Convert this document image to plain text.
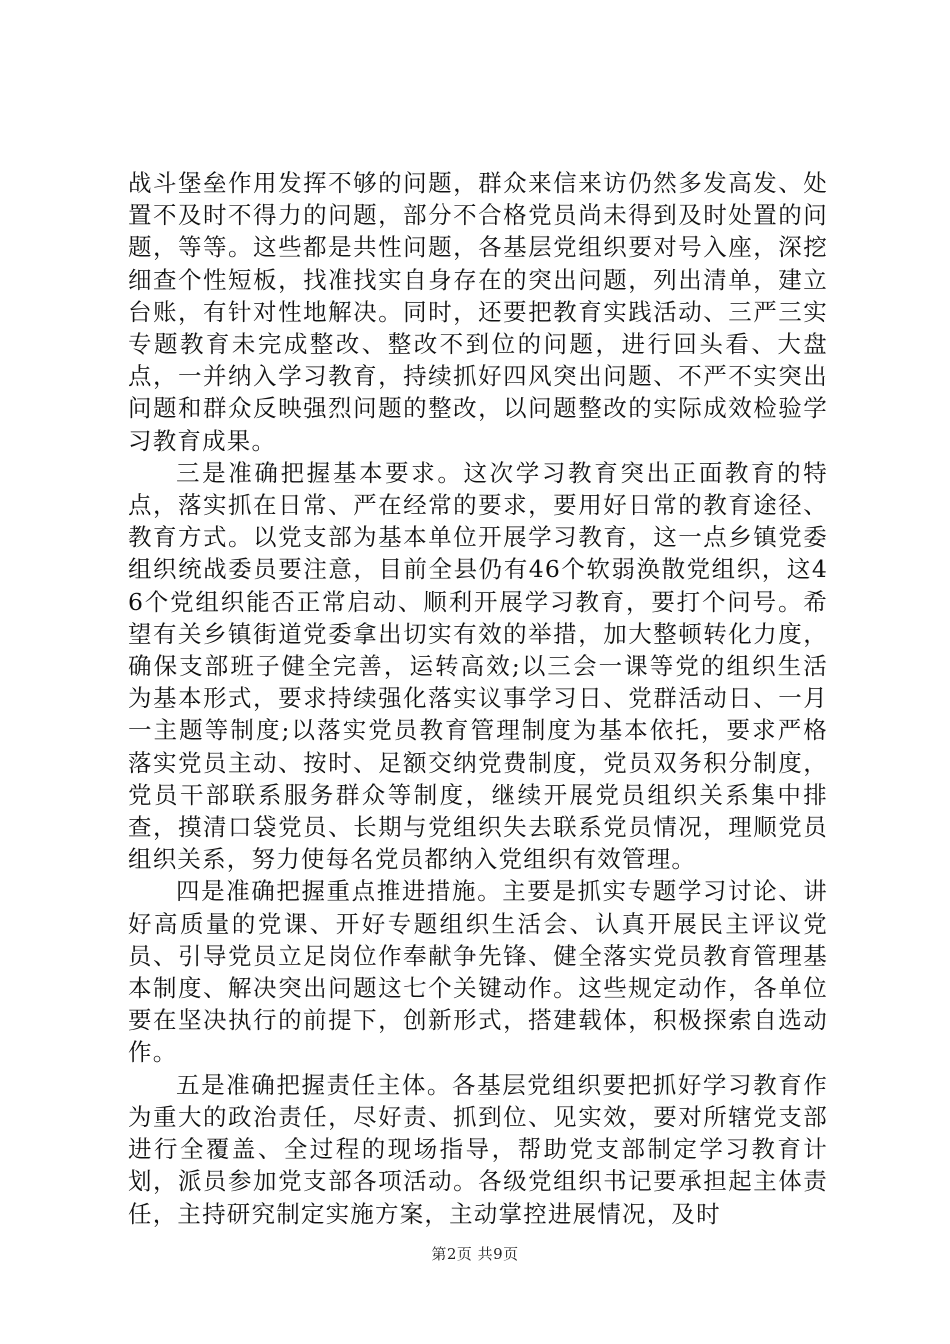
战斗堡垒作用发挥不够的问题，群众来信来访仍然多发高发、处置不及时不得力的问题，部分不合格党员尚未得到及时处置的问题，等等。这些都是共性问题，各基层党组织要对号入座，深挖细查个性短板，找准找实自身存在的突出问题，列出清单，建立台账，有针对性地解决。同时，还要把教育实践活动、三严三实专题教育未完成整改、整改不到位的问题，进行回头看、大盘点，一并纳入学习教育，持续抓好四风突出问题、不严不实突出问题和群众反映强烈问题的整改，以问题整改的实际成效检验学习教育成果。

三是准确把握基本要求。这次学习教育突出正面教育的特点，落实抓在日常、严在经常的要求，要用好日常的教育途径、教育方式。以党支部为基本单位开展学习教育，这一点乡镇党委组织统战委员要注意，目前全县仍有46个软弱涣散党组织，这46个党组织能否正常启动、顺利开展学习教育，要打个问号。希望有关乡镇街道党委拿出切实有效的举措，加大整顿转化力度，确保支部班子健全完善，运转高效;以三会一课等党的组织生活为基本形式，要求持续强化落实议事学习日、党群活动日、一月一主题等制度;以落实党员教育管理制度为基本依托，要求严格落实党员主动、按时、足额交纳党费制度，党员双务积分制度，党员干部联系服务群众等制度，继续开展党员组织关系集中排查，摸清口袋党员、长期与党组织失去联系党员情况，理顺党员组织关系，努力使每名党员都纳入党组织有效管理。

四是准确把握重点推进措施。主要是抓实专题学习讨论、讲好高质量的党课、开好专题组织生活会、认真开展民主评议党员、引导党员立足岗位作奉献争先锋、健全落实党员教育管理基本制度、解决突出问题这七个关键动作。这些规定动作，各单位要在坚决执行的前提下，创新形式，搭建载体，积极探索自选动作。

五是准确把握责任主体。各基层党组织要把抓好学习教育作为重大的政治责任，尽好责、抓到位、见实效，要对所辖党支部进行全覆盖、全过程的现场指导，帮助党支部制定学习教育计划，派员参加党支部各项活动。各级党组织书记要承担起主体责任，主持研究制定实施方案，主动掌控进展情况，及时

第2页 共9页
